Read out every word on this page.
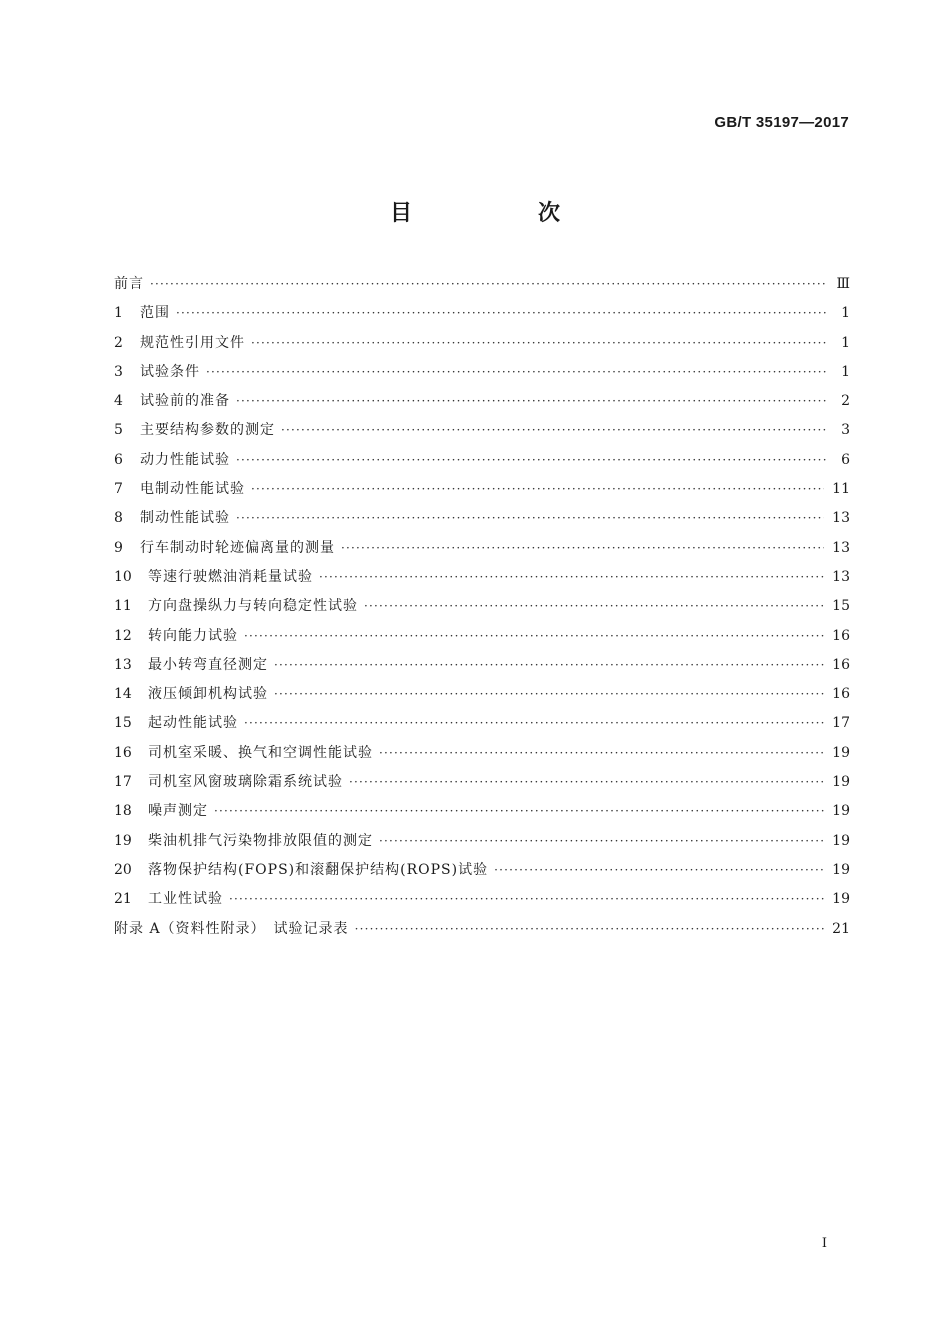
GB/T 35197—2017
目　次
前言 ·····	Ⅲ
1	范围 ·····	1
2	规范性引用文件 ·····	1
3	试验条件 ·····	1
4	试验前的准备 ·····	2
5	主要结构参数的测定 ·····	3
6	动力性能试验 ·····	6
7	电制动性能试验 ·····	11
8	制动性能试验 ·····	13
9	行车制动时轮迹偏离量的测量 ·····	13
10	等速行驶燃油消耗量试验 ·····	13
11	方向盘操纵力与转向稳定性试验 ·····	15
12	转向能力试验 ·····	16
13	最小转弯直径测定 ·····	16
14	液压倾卸机构试验 ·····	16
15	起动性能试验 ·····	17
16	司机室采暖、换气和空调性能试验 ·····	19
17	司机室风窗玻璃除霜系统试验 ·····	19
18	噪声测定 ·····	19
19	柴油机排气污染物排放限值的测定 ·····	19
20	落物保护结构(FOPS)和滚翻保护结构(ROPS)试验 ·····	19
21	工业性试验 ·····	19
附录 A（资料性附录）　试验记录表 ·····	21
I
